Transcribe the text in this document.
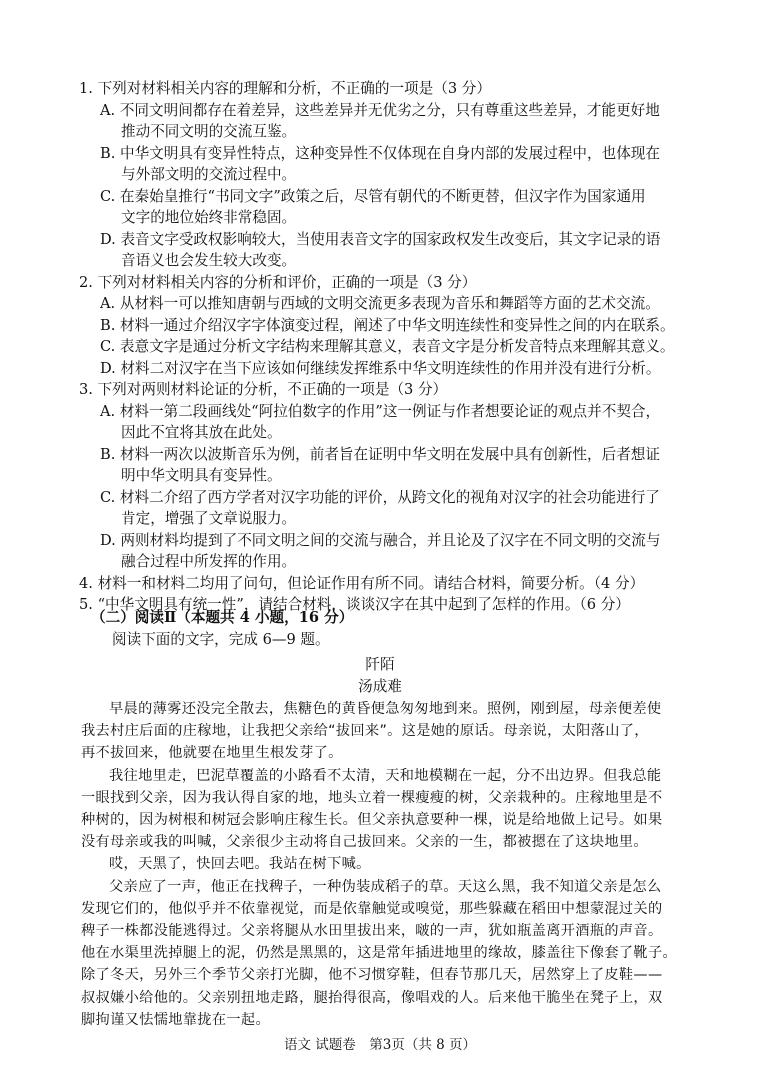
1. 下列对材料相关内容的理解和分析，不正确的一项是（3 分）
A. 不同文明间都存在着差异，这些差异并无优劣之分，只有尊重这些差异，才能更好地
推动不同文明的交流互鉴。
B. 中华文明具有变异性特点，这种变异性不仅体现在自身内部的发展过程中，也体现在
与外部文明的交流过程中。
C. 在秦始皇推行“书同文字”政策之后，尽管有朝代的不断更替，但汉字作为国家通用
文字的地位始终非常稳固。
D. 表音文字受政权影响较大，当使用表音文字的国家政权发生改变后，其文字记录的语
音语义也会发生较大改变。
2. 下列对材料相关内容的分析和评价，正确的一项是（3 分）
A. 从材料一可以推知唐朝与西域的文明交流更多表现为音乐和舞蹈等方面的艺术交流。
B. 材料一通过介绍汉字字体演变过程，阐述了中华文明连续性和变异性之间的内在联系。
C. 表意文字是通过分析文字结构来理解其意义，表音文字是分析发音特点来理解其意义。
D. 材料二对汉字在当下应该如何继续发挥维系中华文明连续性的作用并没有进行分析。
3. 下列对两则材料论证的分析，不正确的一项是（3 分）
A. 材料一第二段画线处“阿拉伯数字的作用”这一例证与作者想要论证的观点并不契合，
因此不宜将其放在此处。
B. 材料一两次以波斯音乐为例，前者旨在证明中华文明在发展中具有创新性，后者想证
明中华文明具有变异性。
C. 材料二介绍了西方学者对汉字功能的评价，从跨文化的视角对汉字的社会功能进行了
肯定，增强了文章说服力。
D. 两则材料均提到了不同文明之间的交流与融合，并且论及了汉字在不同文明的交流与
融合过程中所发挥的作用。
4. 材料一和材料二均用了问句，但论证作用有所不同。请结合材料，简要分析。（4 分）
5. “中华文明具有统一性”，请结合材料，谈谈汉字在其中起到了怎样的作用。（6 分）
（二）阅读Ⅱ（本题共 4 小题，16 分）
阅读下面的文字，完成 6—9 题。
阡陌
汤成难
早晨的薄雾还没完全散去，焦糖色的黄昏便急匆匆地到来。照例，刚到屋，母亲便差使
我去村庄后面的庄稼地，让我把父亲给“拔回来”。这是她的原话。母亲说，太阳落山了，
再不拔回来，他就要在地里生根发芽了。
我往地里走，巴泥草覆盖的小路看不太清，天和地模糊在一起，分不出边界。但我总能
一眼找到父亲，因为我认得自家的地，地头立着一棵瘦瘦的树，父亲栽种的。庄稼地里是不
种树的，因为树根和树冠会影响庄稼生长。但父亲执意要种一棵，说是给地做上记号。如果
没有母亲或我的叫喊，父亲很少主动将自己拔回来。父亲的一生，都被摁在了这块地里。
哎，天黑了，快回去吧。我站在树下喊。
父亲应了一声，他正在找稗子，一种伪装成稻子的草。天这么黑，我不知道父亲是怎么
发现它们的，他似乎并不依靠视觉，而是依靠触觉或嗅觉，那些躲藏在稻田中想蒙混过关的
稗子一株都没能逃得过。父亲将腿从水田里拔出来，啵的一声，犹如瓶盖离开酒瓶的声音。
他在水渠里洗掉腿上的泥，仍然是黑黑的，这是常年插进地里的缘故，膝盖往下像套了靴子。
除了冬天，另外三个季节父亲打光脚，他不习惯穿鞋，但春节那几天，居然穿上了皮鞋——
叔叔嫌小给他的。父亲别扭地走路，腿抬得很高，像唱戏的人。后来他干脆坐在凳子上，双
脚拘谨又怯懦地靠拢在一起。
语文 试题卷　第3页（共 8 页）
